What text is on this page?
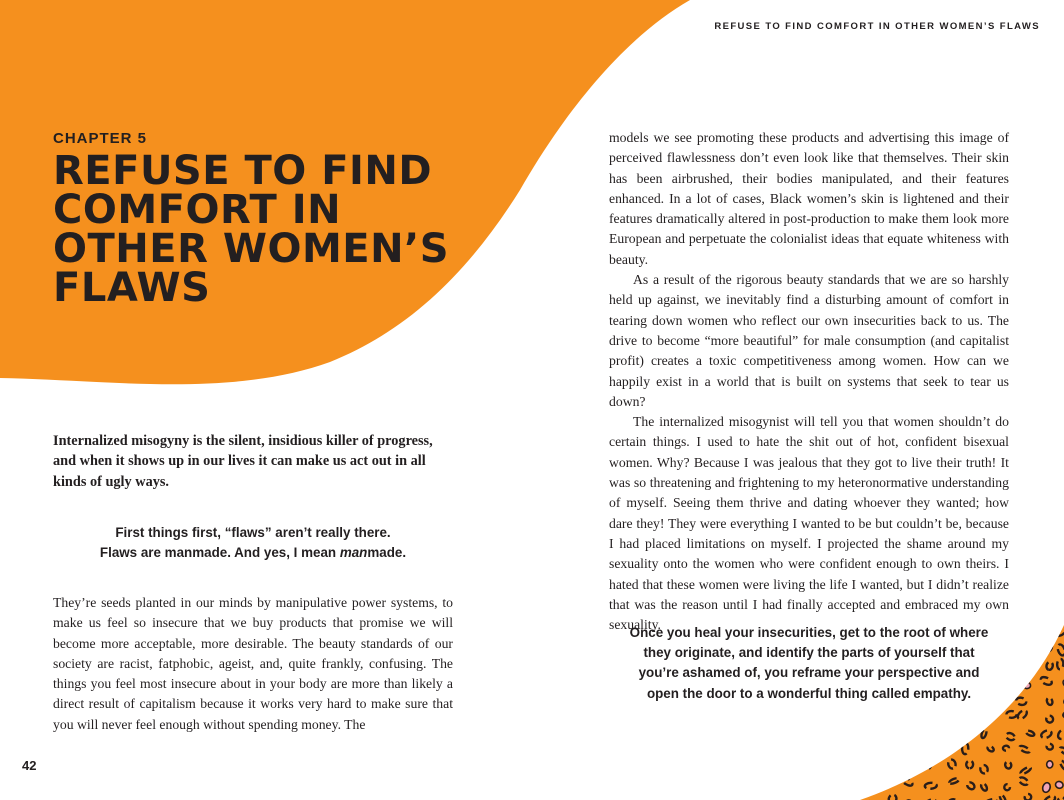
REFUSE TO FIND COMFORT IN OTHER WOMEN’S FLAWS
CHAPTER 5
REFUSE TO FIND
COMFORT IN
OTHER WOMEN’S
FLAWS

Internalized misogyny is the silent, insidious killer of progress, and when it shows up in our lives it can make us act out in all kinds of ugly ways.

First things first, “flaws” aren’t really there.
Flaws are manmade. And yes, I mean manmade.

They’re seeds planted in our minds by manipulative power systems, to make us feel so insecure that we buy products that promise we will become more acceptable, more desirable. The beauty standards of our society are racist, fatphobic, ageist, and, quite frankly, confusing. The things you feel most insecure about in your body are more than likely a direct result of capitalism because it works very hard to make sure that you will never feel enough without spending money. The

models we see promoting these products and advertising this image of perceived flawlessness don’t even look like that themselves. Their skin has been airbrushed, their bodies manipulated, and their features enhanced. In a lot of cases, Black women’s skin is lightened and their features dramatically altered in post-production to make them look more European and perpetuate the colonialist ideas that equate whiteness with beauty.

As a result of the rigorous beauty standards that we are so harshly held up against, we inevitably find a disturbing amount of comfort in tearing down women who reflect our own insecurities back to us. The drive to become “more beautiful” for male consumption (and capitalist profit) creates a toxic competitiveness among women. How can we happily exist in a world that is built on systems that seek to tear us down?

The internalized misogynist will tell you that women shouldn’t do certain things. I used to hate the shit out of hot, confident bisexual women. Why? Because I was jealous that they got to live their truth! It was so threatening and frightening to my heteronormative understanding of myself. Seeing them thrive and dating whoever they wanted; how dare they! They were everything I wanted to be but couldn’t be, because I had placed limitations on myself. I projected the shame around my sexuality onto the women who were confident enough to own theirs. I hated that these women were living the life I wanted, but I didn’t realize that was the reason until I had finally accepted and embraced my own sexuality.

Once you heal your insecurities, get to the root of where they originate, and identify the parts of yourself that you’re ashamed of, you reframe your perspective and open the door to a wonderful thing called empathy.

42
